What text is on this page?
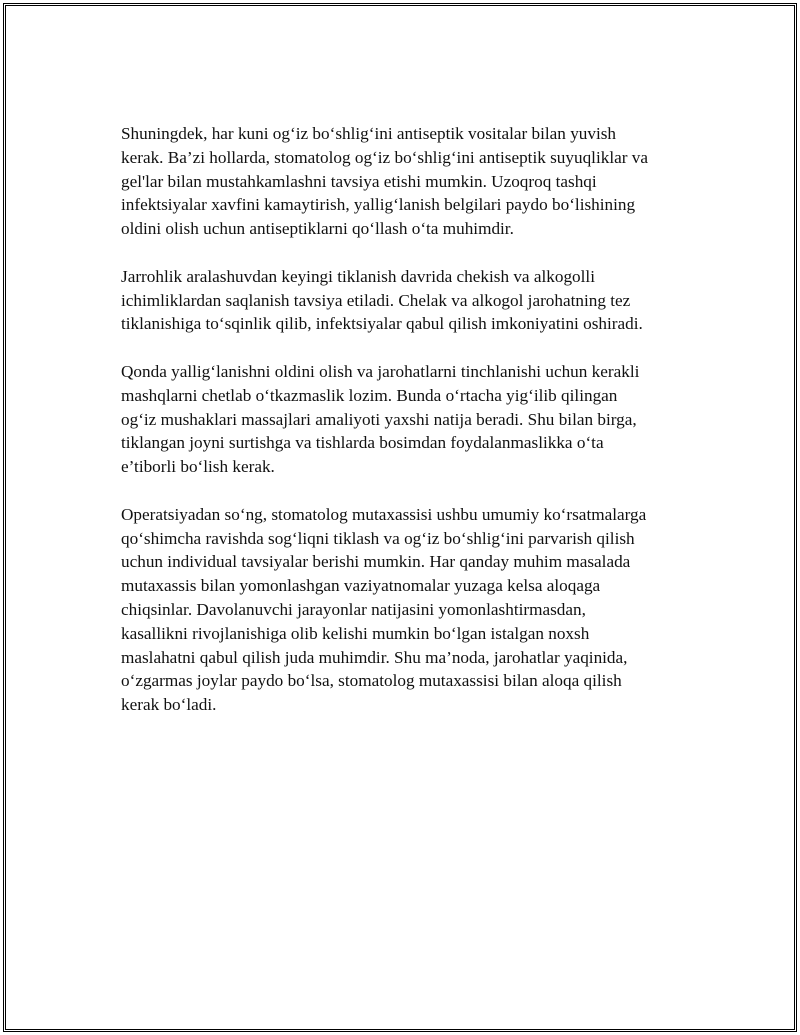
Shuningdek, har kuni og‘iz bo‘shlig‘ini antiseptik vositalar bilan yuvish
kerak. Ba’zi hollarda, stomatolog og‘iz bo‘shlig‘ini antiseptik suyuqliklar va
gel'lar bilan mustahkamlashni tavsiya etishi mumkin. Uzoqroq tashqi
infektsiyalar xavfini kamaytirish, yallig‘lanish belgilari paydo bo‘lishining
oldini olish uchun antiseptiklarni qo‘llash o‘ta muhimdir.

Jarrohlik aralashuvdan keyingi tiklanish davrida chekish va alkogolli
ichimliklardan saqlanish tavsiya etiladi. Chelak va alkogol jarohatning tez
tiklanishiga to‘sqinlik qilib, infektsiyalar qabul qilish imkoniyatini oshiradi.

Qonda yallig‘lanishni oldini olish va jarohatlarni tinchlanishi uchun kerakli
mashqlarni chetlab o‘tkazmaslik lozim. Bunda o‘rtacha yig‘ilib qilingan
og‘iz mushaklari massajlari amaliyoti yaxshi natija beradi. Shu bilan birga,
tiklangan joyni surtishga va tishlarda bosimdan foydalanmaslikka o‘ta
e’tiborli bo‘lish kerak.

Operatsiyadan so‘ng, stomatolog mutaxassisi ushbu umumiy ko‘rsatmalarga
qo‘shimcha ravishda sog‘liqni tiklash va og‘iz bo‘shlig‘ini parvarish qilish
uchun individual tavsiyalar berishi mumkin. Har qanday muhim masalada
mutaxassis bilan yomonlashgan vaziyatnomalar yuzaga kelsa aloqaga
chiqsinlar. Davolanuvchi jarayonlar natijasini yomonlashtirmasdan,
kasallikni rivojlanishiga olib kelishi mumkin bo‘lgan istalgan noxsh
maslahatni qabul qilish juda muhimdir. Shu ma’noda, jarohatlar yaqinida,
o‘zgarmas joylar paydo bo‘lsa, stomatolog mutaxassisi bilan aloqa qilish
kerak bo‘ladi.
